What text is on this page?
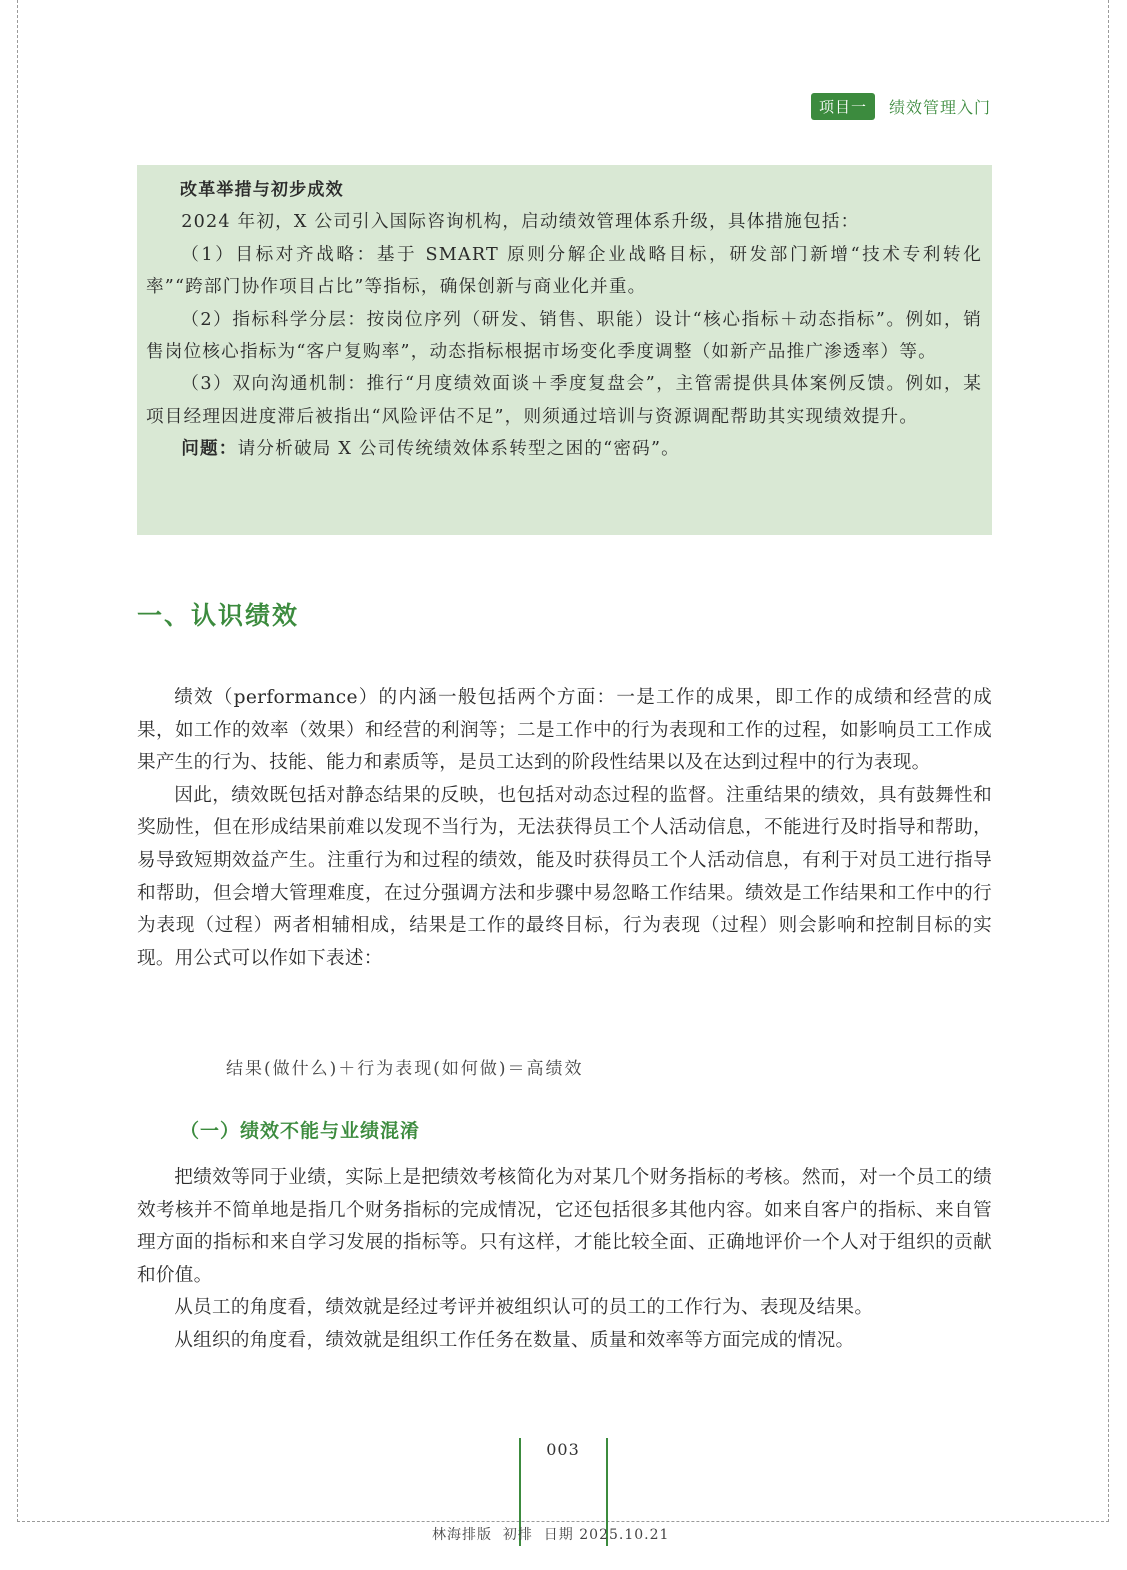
项目一	绩效管理入门

改革举措与初步成效

2024 年初，X 公司引入国际咨询机构，启动绩效管理体系升级，具体措施包括：

（1）目标对齐战略：基于 SMART 原则分解企业战略目标，研发部门新增“技术专利转化率”“跨部门协作项目占比”等指标，确保创新与商业化并重。

（2）指标科学分层：按岗位序列（研发、销售、职能）设计“核心指标＋动态指标”。例如，销售岗位核心指标为“客户复购率”，动态指标根据市场变化季度调整（如新产品推广渗透率）等。

（3）双向沟通机制：推行“月度绩效面谈＋季度复盘会”，主管需提供具体案例反馈。例如，某项目经理因进度滞后被指出“风险评估不足”，则须通过培训与资源调配帮助其实现绩效提升。

问题：请分析破局 X 公司传统绩效体系转型之困的“密码”。

一、认识绩效

绩效（performance）的内涵一般包括两个方面：一是工作的成果，即工作的成绩和经营的成果，如工作的效率（效果）和经营的利润等；二是工作中的行为表现和工作的过程，如影响员工工作成果产生的行为、技能、能力和素质等，是员工达到的阶段性结果以及在达到过程中的行为表现。

因此，绩效既包括对静态结果的反映，也包括对动态过程的监督。注重结果的绩效，具有鼓舞性和奖励性，但在形成结果前难以发现不当行为，无法获得员工个人活动信息，不能进行及时指导和帮助，易导致短期效益产生。注重行为和过程的绩效，能及时获得员工个人活动信息，有利于对员工进行指导和帮助，但会增大管理难度，在过分强调方法和步骤中易忽略工作结果。绩效是工作结果和工作中的行为表现（过程）两者相辅相成，结果是工作的最终目标，行为表现（过程）则会影响和控制目标的实现。用公式可以作如下表述：

结果(做什么)＋行为表现(如何做)＝高绩效
（一）绩效不能与业绩混淆

把绩效等同于业绩，实际上是把绩效考核简化为对某几个财务指标的考核。然而，对一个员工的绩效考核并不简单地是指几个财务指标的完成情况，它还包括很多其他内容。如来自客户的指标、来自管理方面的指标和来自学习发展的指标等。只有这样，才能比较全面、正确地评价一个人对于组织的贡献和价值。

从员工的角度看，绩效就是经过考评并被组织认可的员工的工作行为、表现及结果。

从组织的角度看，绩效就是组织工作任务在数量、质量和效率等方面完成的情况。

003
林海排版  初排  日期 2025.10.21
